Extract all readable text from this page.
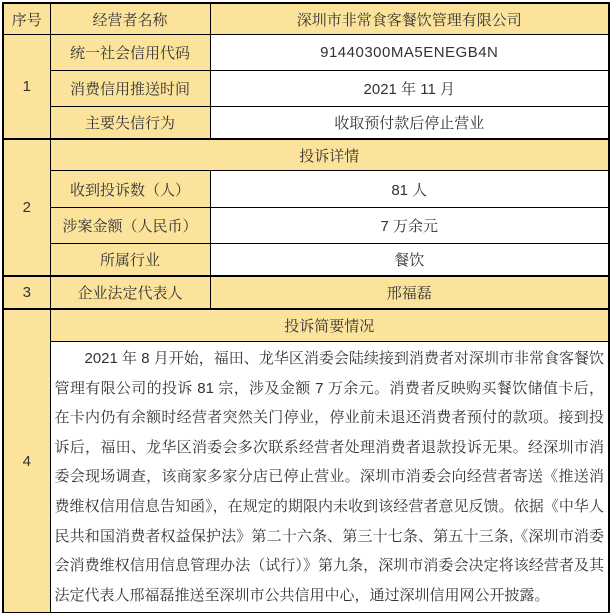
序号	经营者名称	深圳市非常食客餐饮管理有限公司
1	统一社会信用代码	91440300MA5ENEGB4N
	消费信用推送时间	2021 年 11 月
	主要失信行为	收取预付款后停止营业
2	投诉详情	
	收到投诉数（人）	81 人
	涉案金额（人民币）	7 万余元
	所属行业	餐饮
3	企业法定代表人	邢福磊
4	投诉简要情况	

	2021 年 8 月开始，福田、龙华区消委会陆续接到消费者对深圳市非常食客餐饮管理有限公司的投诉 81 宗，涉及金额 7 万余元。消费者反映购买餐饮储值卡后，在卡内仍有余额时经营者突然关门停业，停业前未退还消费者预付的款项。接到投诉后，福田、龙华区消委会多次联系经营者处理消费者退款投诉无果。经深圳市消委会现场调查，该商家多家分店已停止营业。深圳市消委会向经营者寄送《推送消费维权信用信息告知函》，在规定的期限内未收到该经营者意见反馈。依据《中华人民共和国消费者权益保护法》第二十六条、第三十七条、第五十三条,《深圳市消委会消费维权信用信息管理办法（试行）》第九条，深圳市消委会决定将该经营者及其法定代表人邢福磊推送至深圳市公共信用中心，通过深圳信用网公开披露。	
